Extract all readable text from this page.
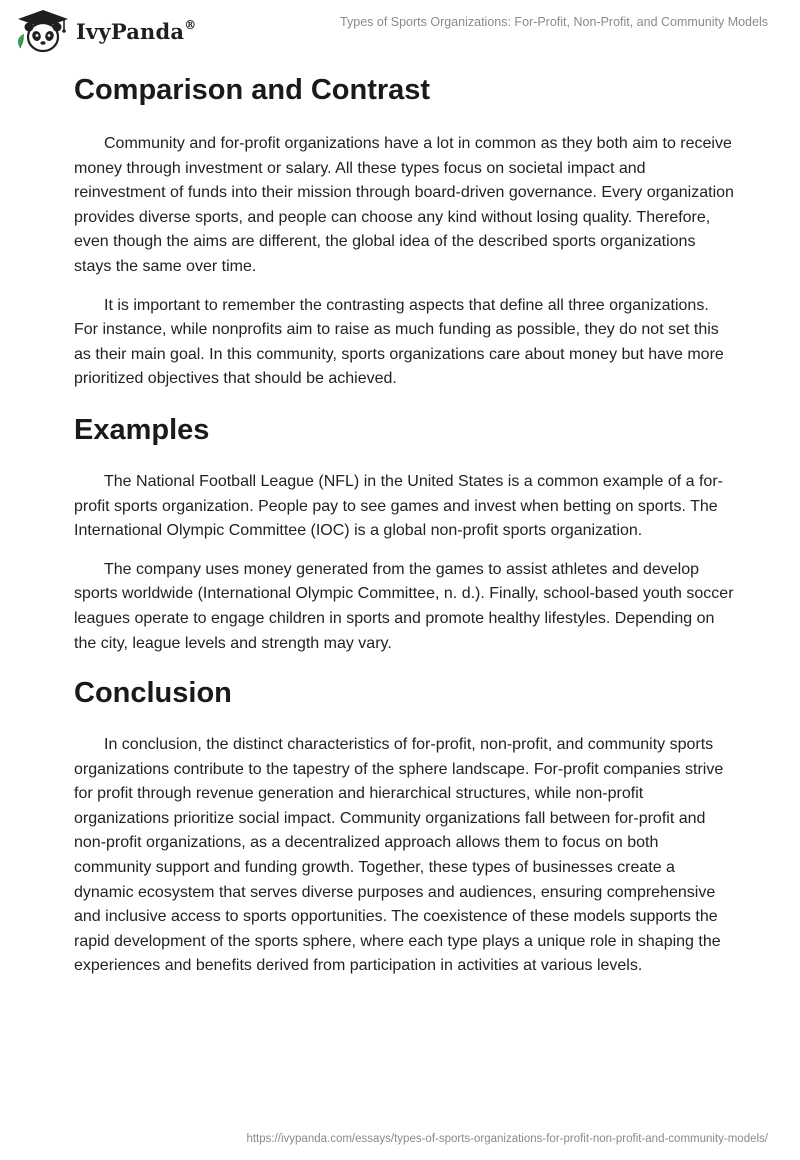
IvyPanda®	Types of Sports Organizations: For-Profit, Non-Profit, and Community Models
Comparison and Contrast

Community and for-profit organizations have a lot in common as they both aim to receive money through investment or salary. All these types focus on societal impact and reinvestment of funds into their mission through board-driven governance. Every organization provides diverse sports, and people can choose any kind without losing quality. Therefore, even though the aims are different, the global idea of the described sports organizations stays the same over time.

It is important to remember the contrasting aspects that define all three organizations. For instance, while nonprofits aim to raise as much funding as possible, they do not set this as their main goal. In this community, sports organizations care about money but have more prioritized objectives that should be achieved.

Examples

The National Football League (NFL) in the United States is a common example of a for-profit sports organization. People pay to see games and invest when betting on sports. The International Olympic Committee (IOC) is a global non-profit sports organization.

The company uses money generated from the games to assist athletes and develop sports worldwide (International Olympic Committee, n. d.). Finally, school-based youth soccer leagues operate to engage children in sports and promote healthy lifestyles. Depending on the city, league levels and strength may vary.

Conclusion

In conclusion, the distinct characteristics of for-profit, non-profit, and community sports organizations contribute to the tapestry of the sphere landscape. For-profit companies strive for profit through revenue generation and hierarchical structures, while non-profit organizations prioritize social impact. Community organizations fall between for-profit and non-profit organizations, as a decentralized approach allows them to focus on both community support and funding growth. Together, these types of businesses create a dynamic ecosystem that serves diverse purposes and audiences, ensuring comprehensive and inclusive access to sports opportunities. The coexistence of these models supports the rapid development of the sports sphere, where each type plays a unique role in shaping the experiences and benefits derived from participation in activities at various levels.

https://ivypanda.com/essays/types-of-sports-organizations-for-profit-non-profit-and-community-models/
